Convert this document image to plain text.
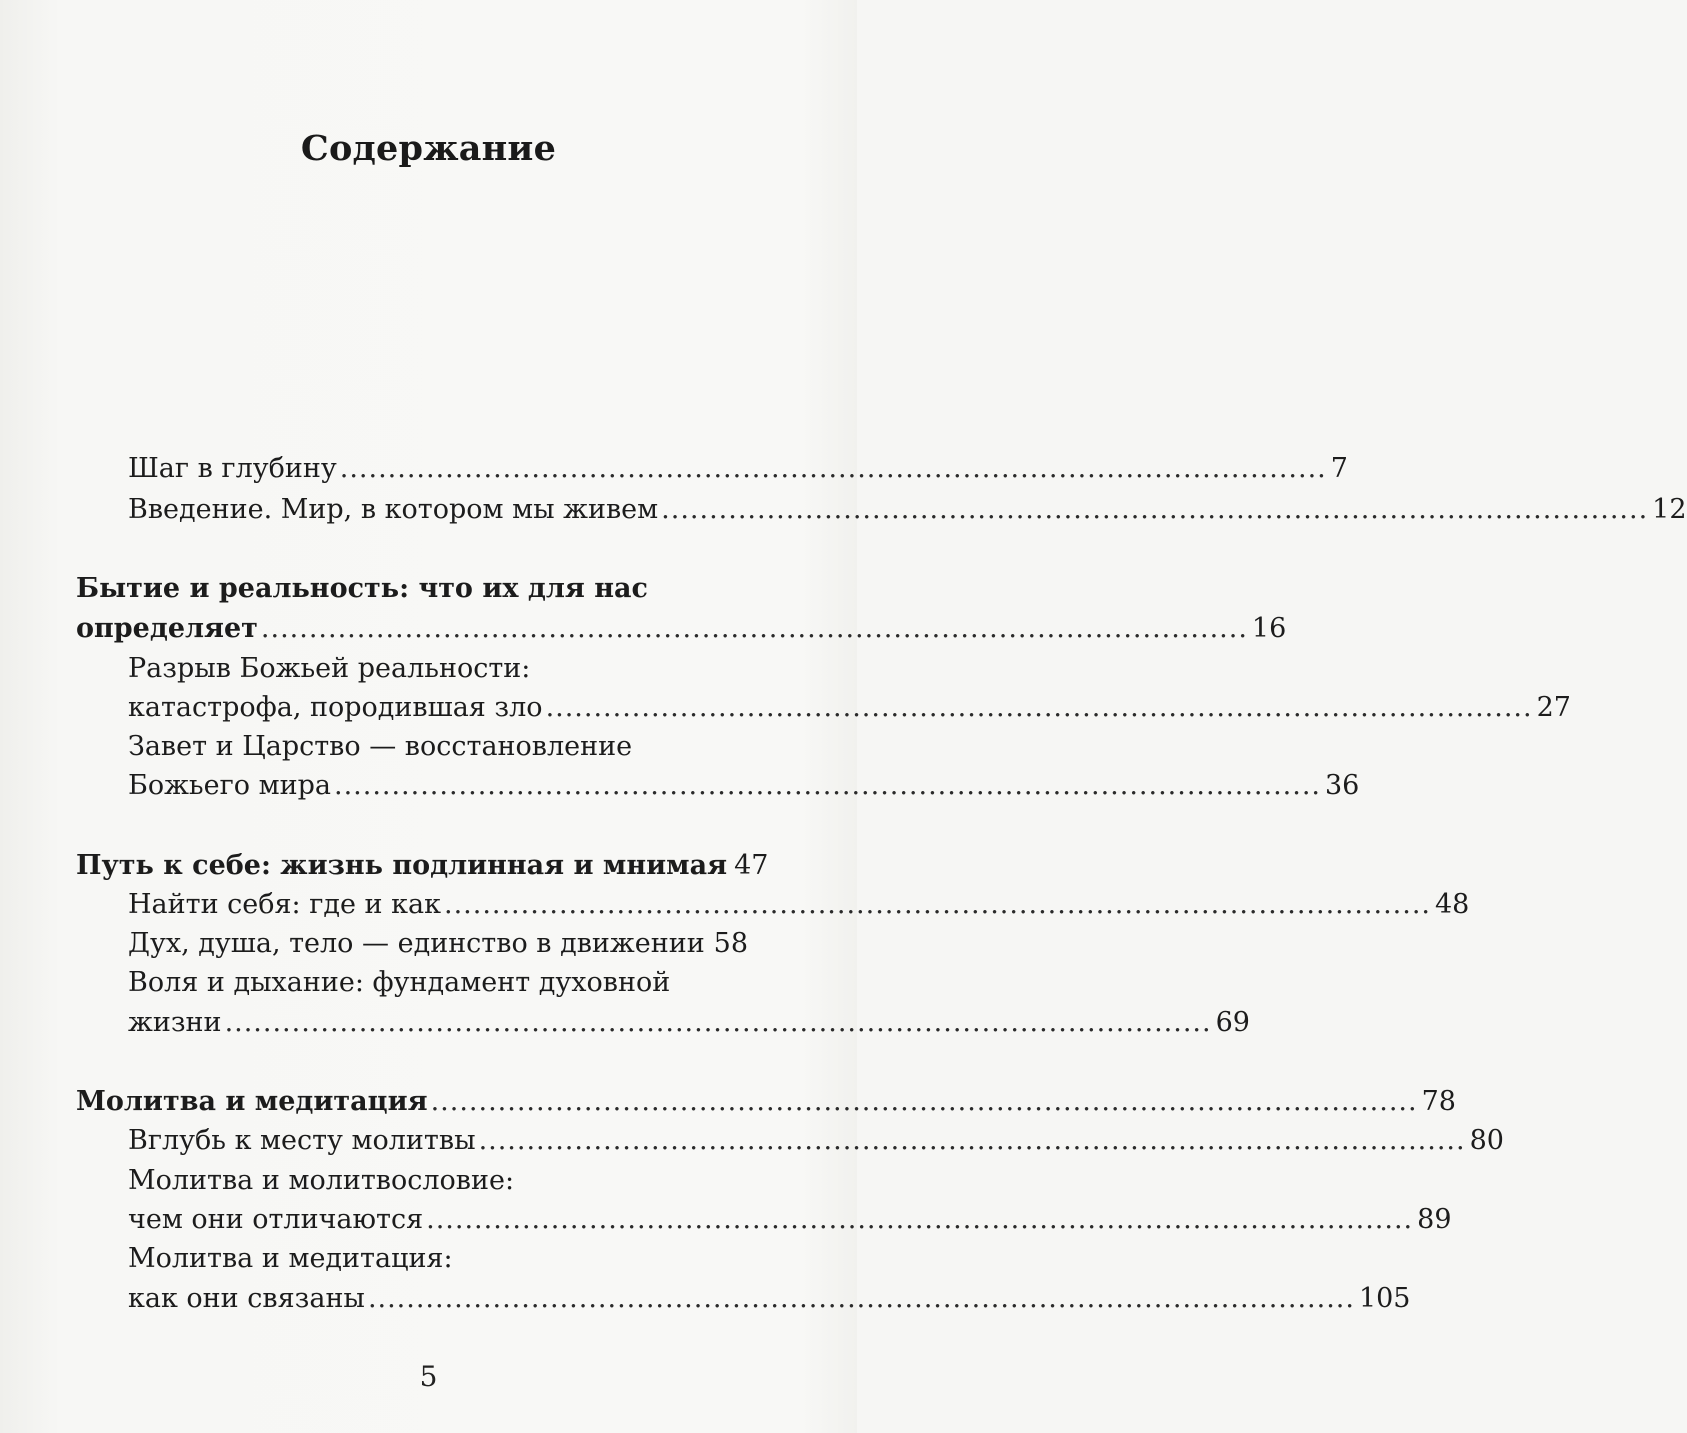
Содержание
Шаг в глубину ....................................................................................................... 7
Введение. Мир, в котором мы живем ....................................................................................................... 12
Бытие и реальность: что их для нас
определяет ....................................................................................................... 16
Разрыв Божьей реальности:
катастрофа, породившая зло ....................................................................................................... 27
Завет и Царство — восстановление
Божьего мира ....................................................................................................... 36
Путь к себе: жизнь подлинная и мнимая 47
Найти себя: где и как ....................................................................................................... 48
Дух, душа, тело — единство в движении 58
Воля и дыхание: фундамент духовной
жизни ....................................................................................................... 69
Молитва и медитация ....................................................................................................... 78
Вглубь к месту молитвы ....................................................................................................... 80
Молитва и молитвословие:
чем они отличаются ....................................................................................................... 89
Молитва и медитация:
как они связаны ....................................................................................................... 105
5
